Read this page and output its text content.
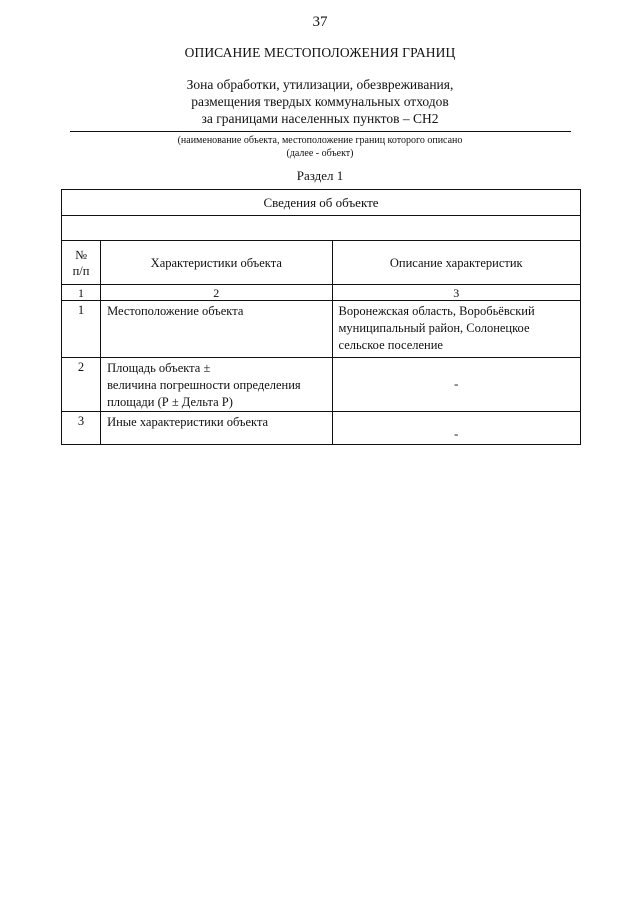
37
ОПИСАНИЕ МЕСТОПОЛОЖЕНИЯ ГРАНИЦ
Зона обработки, утилизации, обезвреживания,
размещения твердых коммунальных отходов
за границами населенных пунктов – СН2
(наименование объекта, местоположение границ которого описано
(далее - объект)
Раздел 1
Сведения об объекте		

№
п/п	Характеристики объекта	Описание характеристик
1	2	3
1	Местоположение объекта	Воронежская область, Воробьёвский муниципальный район, Солонецкое сельское поселение
2	Площадь объекта ±
величина погрешности определения площади (Р ± Дельта Р)	-
3	Иные характеристики объекта	-
